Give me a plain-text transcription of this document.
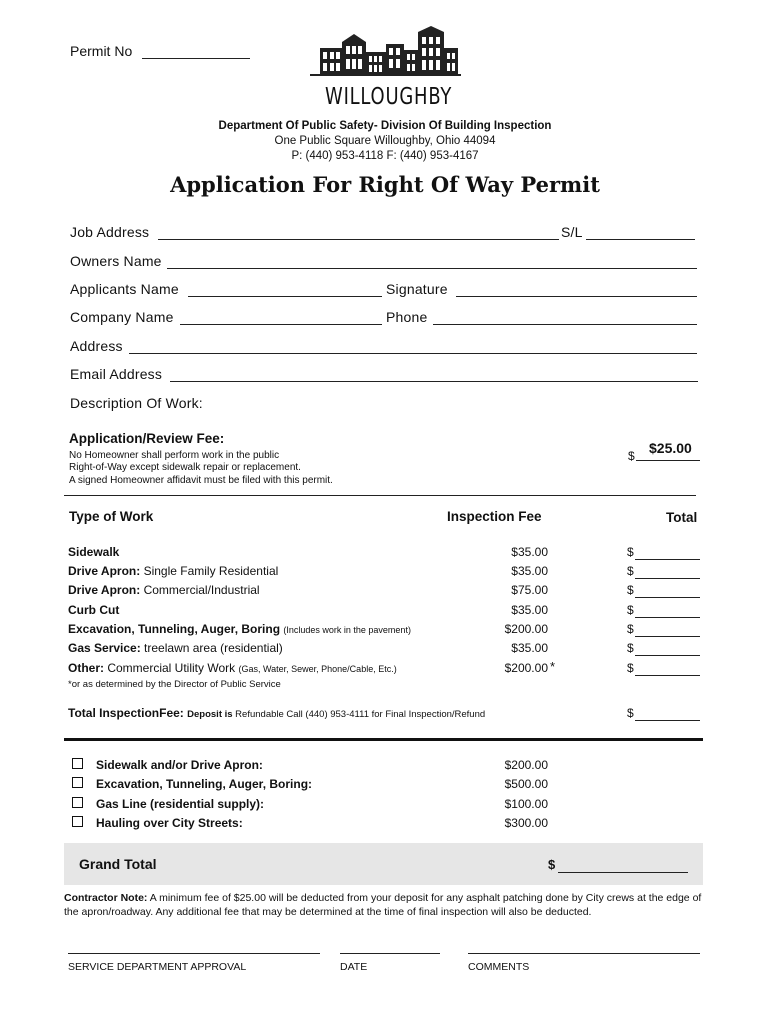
Permit No
WILLOUGHBY
Department Of Public Safety- Division Of Building Inspection
One Public Square Willoughby, Ohio 44094
P: (440) 953-4118 F: (440) 953-4167
Application For Right Of Way Permit
Job Address	S/L
Owners Name
Applicants Name	Signature
Company Name	Phone
Address
Email Address
Description Of Work:
Application/Review Fee:
No Homeowner shall perform work in the public
Right-of-Way except sidewalk repair or replacement.
A signed Homeowner affidavit must be filed with this permit.
$ $25.00
Type of Work	Inspection Fee	Total
Sidewalk	$35.00	$
Drive Apron: Single Family Residential	$35.00	$
Drive Apron: Commercial/Industrial	$75.00	$
Curb Cut	$35.00	$
Excavation, Tunneling, Auger, Boring (Includes work in the pavement)	$200.00	$
Gas Service: treelawn area (residential)	$35.00	$
Other: Commercial Utility Work (Gas, Water, Sewer, Phone/Cable, Etc.)	$200.00 *	$
*or as determined by the Director of Public Service
Total InspectionFee: Deposit is Refundable Call (440) 953-4111 for Final Inspection/Refund	$
Sidewalk and/or Drive Apron:	$200.00
Excavation, Tunneling, Auger, Boring:	$500.00
Gas Line (residential supply):	$100.00
Hauling over City Streets:	$300.00
Grand Total	$
Contractor Note: A minimum fee of $25.00 will be deducted from your deposit for any asphalt patching done by City crews at the edge of the apron/roadway. Any additional fee that may be determined at the time of final inspection will also be deducted.
SERVICE DEPARTMENT APPROVAL	DATE	COMMENTS
